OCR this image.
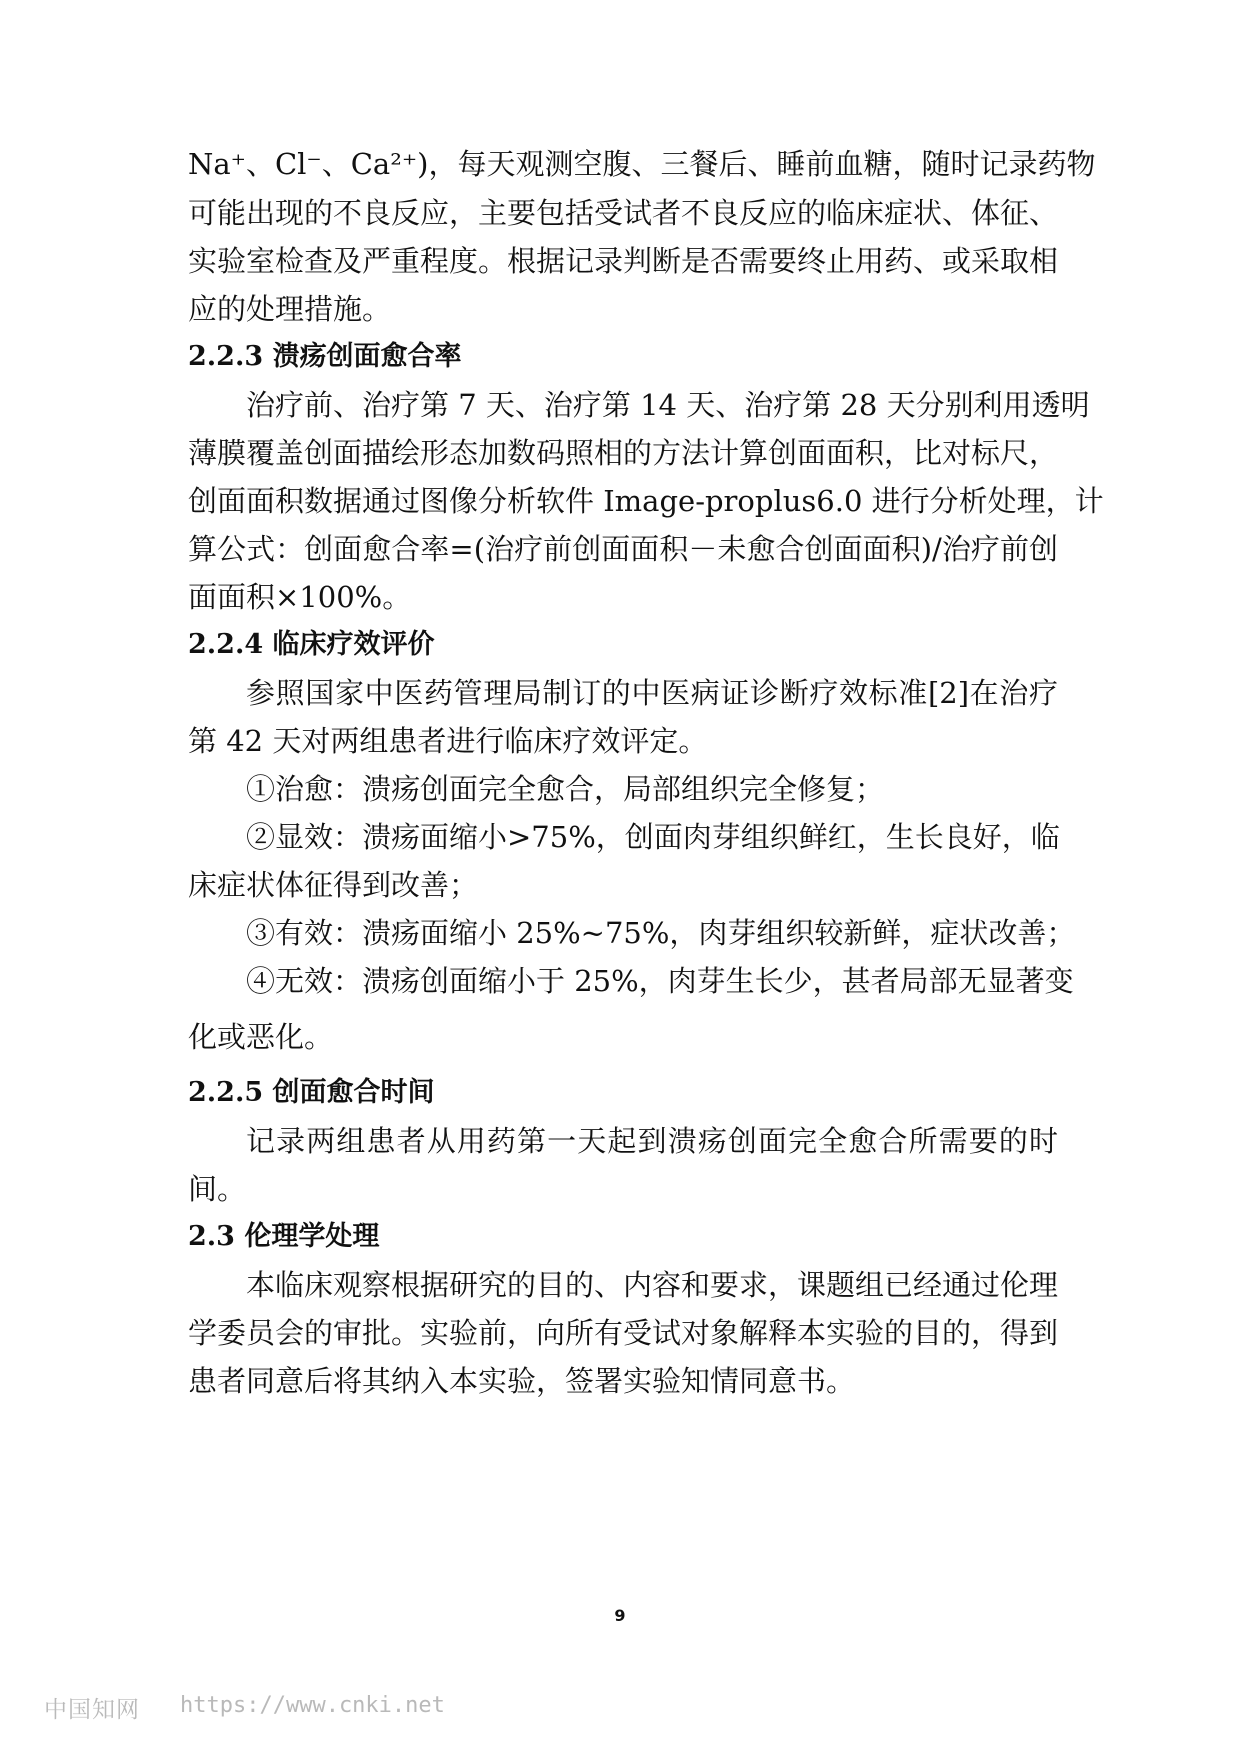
Na⁺、Cl⁻、Ca²⁺)，每天观测空腹、三餐后、睡前血糖，随时记录药物
可能出现的不良反应，主要包括受试者不良反应的临床症状、体征、
实验室检查及严重程度。根据记录判断是否需要终止用药、或采取相
应的处理措施。
2.2.3 溃疡创面愈合率
治疗前、治疗第 7 天、治疗第 14 天、治疗第 28 天分别利用透明
薄膜覆盖创面描绘形态加数码照相的方法计算创面面积，比对标尺，
创面面积数据通过图像分析软件 Image-proplus6.0 进行分析处理，计
算公式：创面愈合率=(治疗前创面面积－未愈合创面面积)/治疗前创
面面积×100%。
2.2.4 临床疗效评价
参照国家中医药管理局制订的中医病证诊断疗效标准[2]在治疗
第 42 天对两组患者进行临床疗效评定。
①治愈：溃疡创面完全愈合，局部组织完全修复；
②显效：溃疡面缩小>75%，创面肉芽组织鲜红，生长良好，临
床症状体征得到改善；
③有效：溃疡面缩小 25%~75%，肉芽组织较新鲜，症状改善；
④无效：溃疡创面缩小于 25%，肉芽生长少，甚者局部无显著变
化或恶化。
2.2.5 创面愈合时间
记录两组患者从用药第一天起到溃疡创面完全愈合所需要的时
间。
2.3 伦理学处理
本临床观察根据研究的目的、内容和要求，课题组已经通过伦理
学委员会的审批。实验前，向所有受试对象解释本实验的目的，得到
患者同意后将其纳入本实验，签署实验知情同意书。
9
中国知网 https://www.cnki.net
